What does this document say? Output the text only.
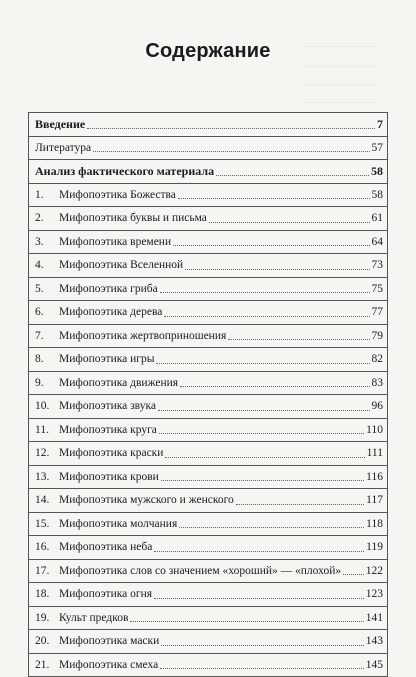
Содержание
Введение	7
Литература	57
Анализ фактического материала	58
1. Мифопоэтика Божества	58
2. Мифопоэтика буквы и письма	61
3. Мифопоэтика времени	64
4. Мифопоэтика Вселенной	73
5. Мифопоэтика гриба	75
6. Мифопоэтика дерева	77
7. Мифопоэтика жертвоприношения	79
8. Мифопоэтика игры	82
9. Мифопоэтика движения	83
10. Мифопоэтика звука	96
11. Мифопоэтика круга	110
12. Мифопоэтика краски	111
13. Мифопоэтика крови	116
14. Мифопоэтика мужского и женского	117
15. Мифопоэтика молчания	118
16. Мифопоэтика неба	119
17. Мифопоэтика слов со значением «хороший» — «плохой» 122
18. Мифопоэтика огня	123
19. Культ предков	141
20. Мифопоэтика маски	143
21. Мифопоэтика смеха	145
